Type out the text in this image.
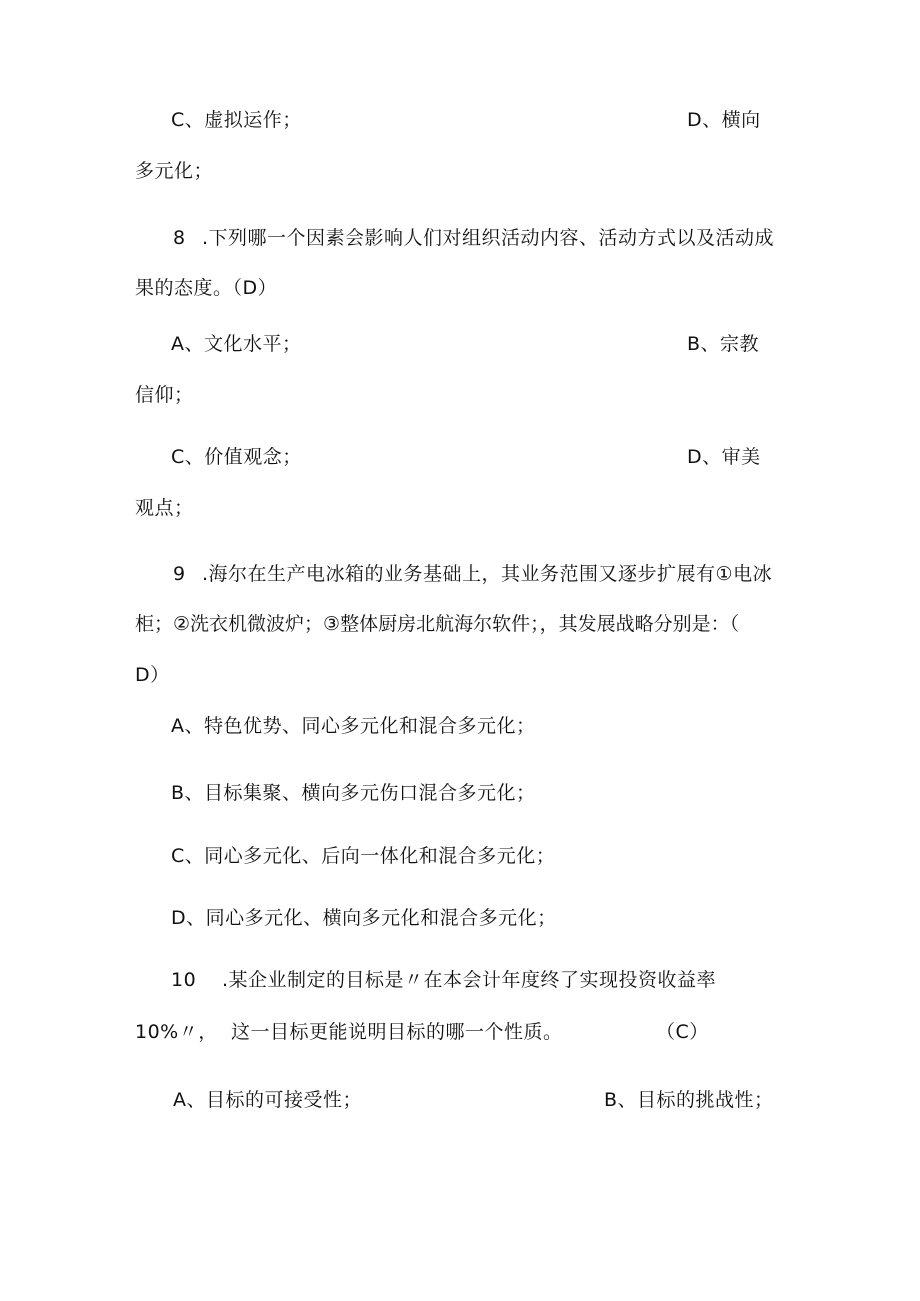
C、虚拟运作；	D、横向
多元化；
8 .下列哪一个因素会影响人们对组织活动内容、活动方式以及活动成
果的态度。（D）
A、文化水平；	B、宗教
信仰；
C、价值观念；	D、审美
观点；
9 .海尔在生产电冰箱的业务基础上，其业务范围又逐步扩展有①电冰
柜；②洗衣机微波炉；③整体厨房北航海尔软件；，其发展战略分别是：（
D）
A、特色优势、同心多元化和混合多元化；
B、目标集聚、横向多元伤口混合多元化；
C、同心多元化、后向一体化和混合多元化；
D、同心多元化、横向多元化和混合多元化；
10 .某企业制定的目标是〃在本会计年度终了实现投资收益率
10%〃， 这一目标更能说明目标的哪一个性质。	（C）
A、目标的可接受性；	B、目标的挑战性；
